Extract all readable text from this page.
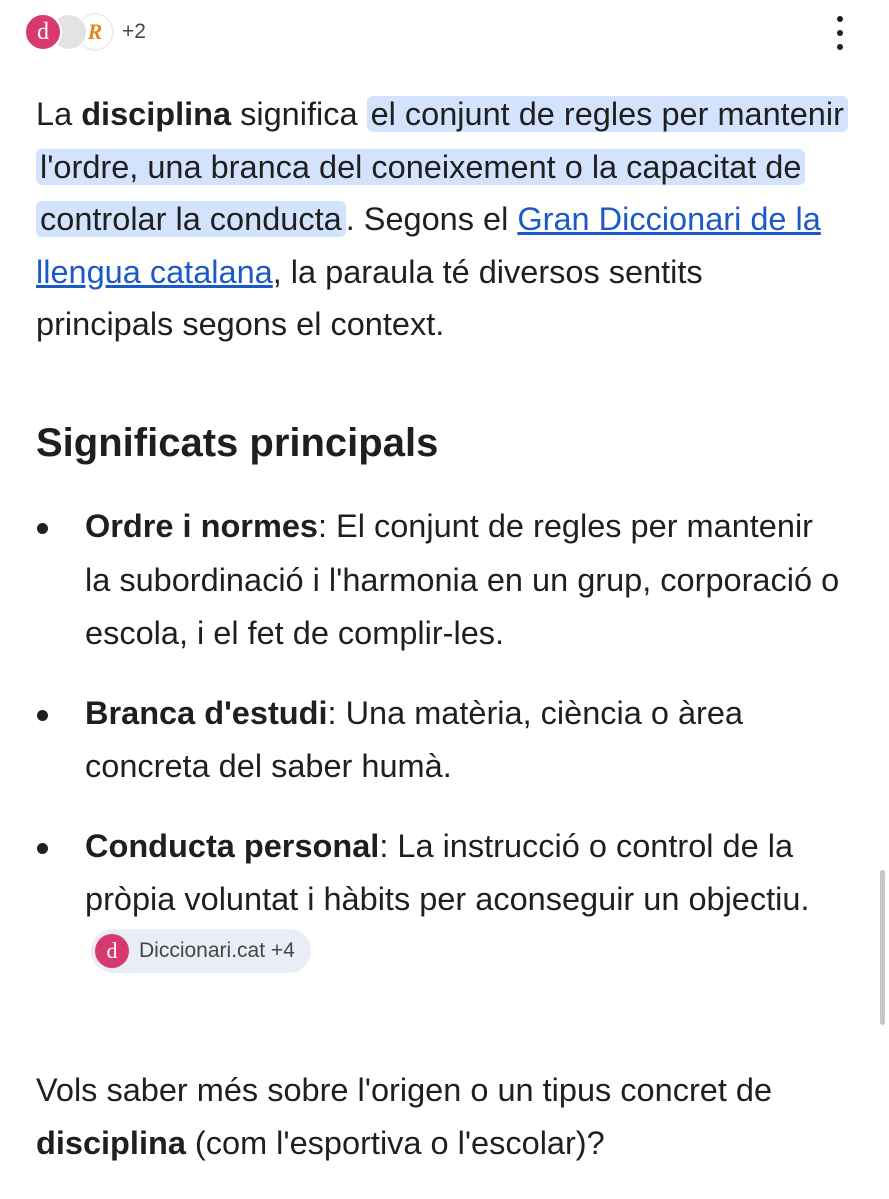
d R +2

La disciplina significa el conjunt de regles per mantenir l'ordre, una branca del coneixement o la capacitat de controlar la conducta . Segons el Gran Diccionari de la llengua catalana, la paraula té diversos sentits principals segons el context.

Significats principals
Ordre i normes: El conjunt de regles per mantenir la subordinació i l'harmonia en un grup, corporació o escola, i el fet de complir-les.
Branca d'estudi: Una matèria, ciència o àrea concreta del saber humà.
Conducta personal: La instrucció o control de la pròpia voluntat i hàbits per aconseguir un objectiu.
d	Diccionari.cat +4

Vols saber més sobre l'origen o un tipus concret de disciplina (com l'esportiva o l'escolar)?
